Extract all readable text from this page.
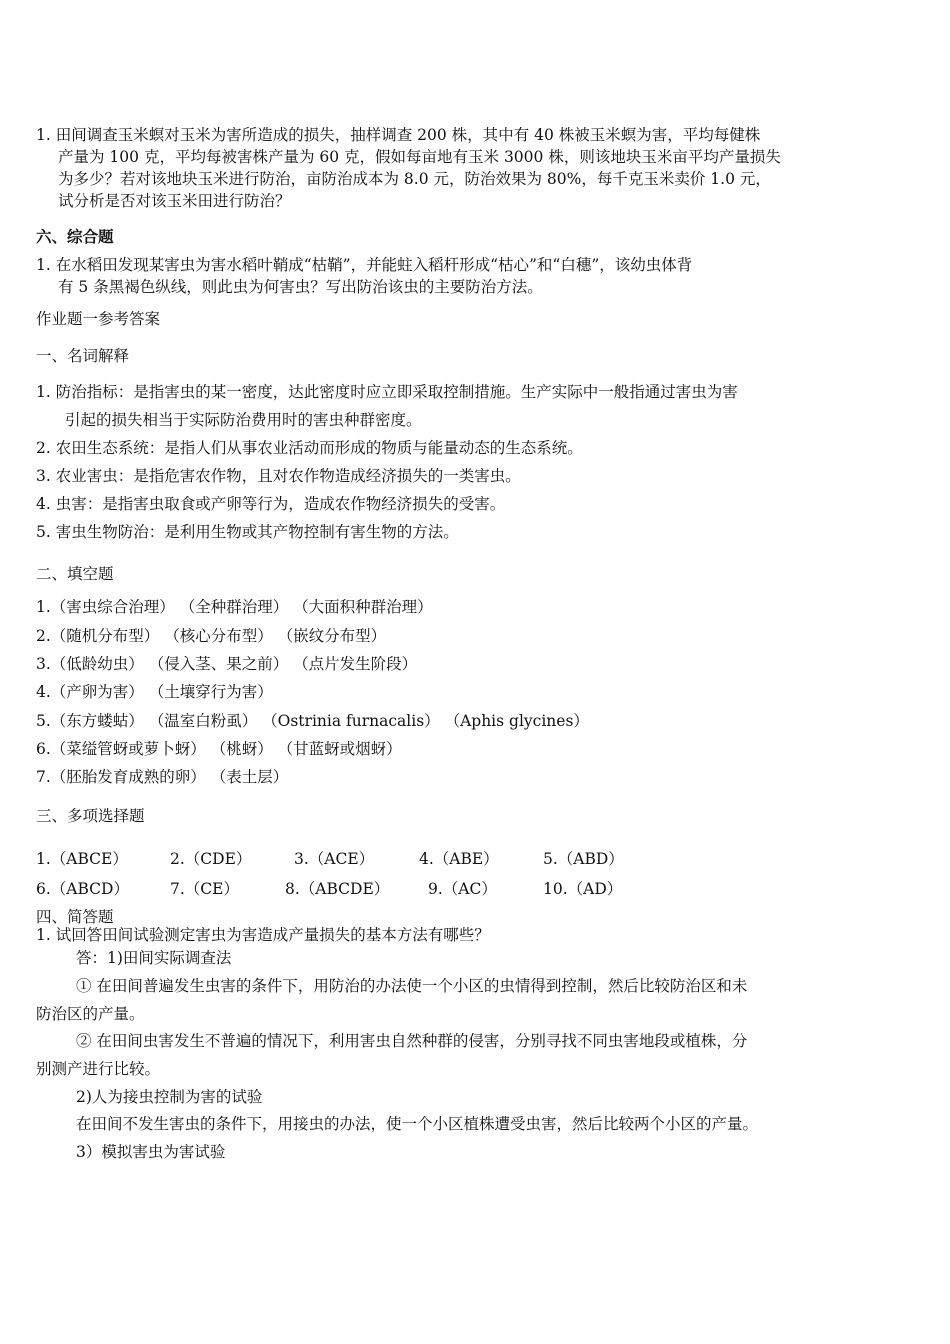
1. 田间调查玉米螟对玉米为害所造成的损失，抽样调查 200 株，其中有 40 株被玉米螟为害，平均每健株
产量为 100 克，平均每被害株产量为 60 克，假如每亩地有玉米 3000 株，则该地块玉米亩平均产量损失
为多少？若对该地块玉米进行防治，亩防治成本为 8.0 元，防治效果为 80%，每千克玉米卖价 1.0 元，
试分析是否对该玉米田进行防治？
六、综合题
1. 在水稻田发现某害虫为害水稻叶鞘成“枯鞘”，并能蛀入稻杆形成“枯心”和“白穗”，该幼虫体背
有 5 条黑褐色纵线，则此虫为何害虫？写出防治该虫的主要防治方法。
作业题一参考答案
一、名词解释
1. 防治指标：是指害虫的某一密度，达此密度时应立即采取控制措施。生产实际中一般指通过害虫为害
引起的损失相当于实际防治费用时的害虫种群密度。
2. 农田生态系统：是指人们从事农业活动而形成的物质与能量动态的生态系统。
3. 农业害虫：是指危害农作物，且对农作物造成经济损失的一类害虫。
4. 虫害：是指害虫取食或产卵等行为，造成农作物经济损失的受害。
5. 害虫生物防治：是利用生物或其产物控制有害生物的方法。
二、填空题
1.（害虫综合治理） （全种群治理） （大面积种群治理）
2.（随机分布型） （核心分布型） （嵌纹分布型）
3.（低龄幼虫） （侵入茎、果之前） （点片发生阶段）
4.（产卵为害） （土壤穿行为害）
5.（东方蝼蛄） （温室白粉虱） （Ostrinia furnacalis） （Aphis glycines）
6.（菜缢管蚜或萝卜蚜） （桃蚜） （甘蓝蚜或烟蚜）
7.（胚胎发育成熟的卵） （表土层）
三、多项选择题
1.（ABCE）	2.（CDE）	3.（ACE）	4.（ABE）	5.（ABD）
6.（ABCD）	7.（CE）	8.（ABCDE） 9.（AC）	10.（AD）
四、简答题
1. 试回答田间试验测定害虫为害造成产量损失的基本方法有哪些？
答：1)田间实际调查法
① 在田间普遍发生虫害的条件下，用防治的办法使一个小区的虫情得到控制，然后比较防治区和未
防治区的产量。
② 在田间虫害发生不普遍的情况下，利用害虫自然种群的侵害，分别寻找不同虫害地段或植株，分
别测产进行比较。
2)人为接虫控制为害的试验
在田间不发生害虫的条件下，用接虫的办法，使一个小区植株遭受虫害，然后比较两个小区的产量。
3）模拟害虫为害试验
